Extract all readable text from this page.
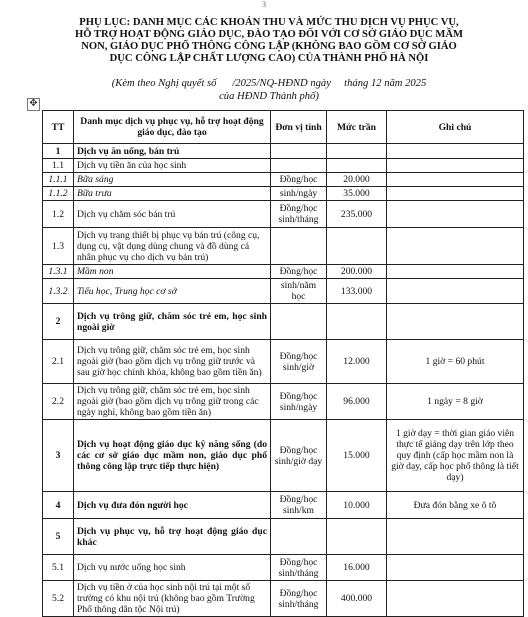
3
PHỤ LỤC: DANH MỤC CÁC KHOẢN THU VÀ MỨC THU DỊCH VỤ PHỤC VỤ,
HỖ TRỢ HOẠT ĐỘNG GIÁO DỤC, ĐÀO TẠO ĐỐI VỚI CƠ SỞ GIÁO DỤC MẦM
NON, GIÁO DỤC PHỔ THÔNG CÔNG LẬP (KHÔNG BAO GỒM CƠ SỞ GIÁO
DỤC CÔNG LẬP CHẤT LƯỢNG CAO) CỦA THÀNH PHỐ HÀ NỘI
(Kèm theo Nghị quyết số      /2025/NQ-HĐND ngày     tháng 12 năm 2025
của HĐND Thành phố)
✥
TT	Danh mục dịch vụ phục vụ, hỗ trợ hoạt động giáo dục, đào tạo	Đơn vị tính	Mức trần	Ghi chú
1	Dịch vụ ăn uống, bán trú			
1.1	Dịch vụ tiền ăn của học sinh			
1.1.1	Bữa sáng	Đồng/học	20.000	
1.1.2	Bữa trưa	sinh/ngày	35.000	
1.2	Dịch vụ chăm sóc bán trú	Đồng/học sinh/tháng	235.000	
1.3	Dịch vụ trang thiết bị phục vụ bán trú (công cụ, dụng cụ, vật dụng dùng chung và đồ dùng cá nhân phục vụ cho dịch vụ bán trú)			
1.3.1	Mầm non	Đồng/học	200.000	
1.3.2	Tiểu học, Trung học cơ sở	sinh/năm học	133.000	
2	Dịch vụ trông giữ, chăm sóc trẻ em, học sinh ngoài giờ			
2.1	Dịch vụ trông giữ, chăm sóc trẻ em, học sinh ngoài giờ (bao gồm dịch vụ trông giữ trước và sau giờ học chính khóa, không bao gồm tiền ăn)	Đồng/học sinh/giờ	12.000	1 giờ = 60 phút
2.2	Dịch vụ trông giữ, chăm sóc trẻ em, học sinh ngoài giờ (bao gồm dịch vụ trông giữ trong các ngày nghỉ, không bao gồm tiền ăn)	Đồng/học sinh/ngày	96.000	1 ngày = 8 giờ
3	Dịch vụ hoạt động giáo dục kỹ năng sống (do các cơ sở giáo dục mầm non, giáo dục phổ thông công lập trực tiếp thực hiện)	Đồng/học sinh/giờ dạy	15.000	1 giờ dạy = thời gian giáo viên thực tế giảng dạy trên lớp theo quy định (cấp học mầm non là giờ dạy, cấp học phổ thông là tiết dạy)
4	Dịch vụ đưa đón người học	Đồng/học sinh/km	10.000	Đưa đón bằng xe ô tô
5	Dịch vụ phục vụ, hỗ trợ hoạt động giáo dục khác			
5.1	Dịch vụ nước uống học sinh	Đồng/học sinh/tháng	16.000	
5.2	Dịch vụ tiền ở của học sinh nội trú tại một số trường có khu nội trú (không bao gồm Trường Phổ thông dân tộc Nội trú)	Đồng/học sinh/tháng	400.000	
